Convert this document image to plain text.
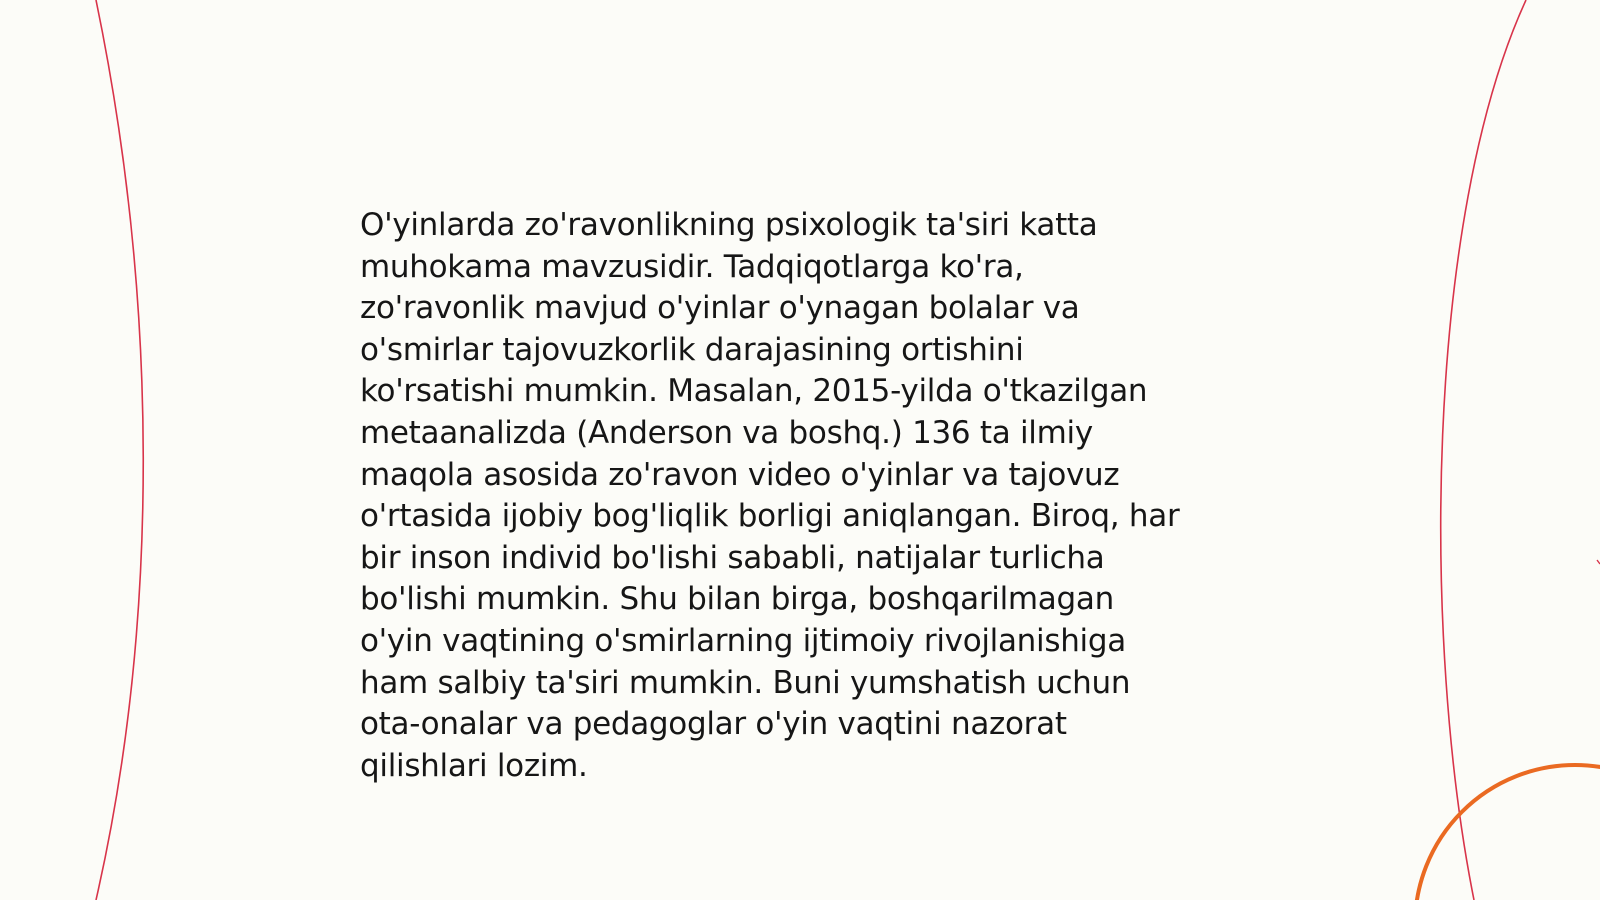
O'yinlarda zo'ravonlikning psixologik ta'siri katta
muhokama mavzusidir. Tadqiqotlarga ko'ra,
zo'ravonlik mavjud o'yinlar o'ynagan bolalar va
o'smirlar tajovuzkorlik darajasining ortishini
ko'rsatishi mumkin. Masalan, 2015-yilda o'tkazilgan
metaanalizda (Anderson va boshq.) 136 ta ilmiy
maqola asosida zo'ravon video o'yinlar va tajovuz
o'rtasida ijobiy bog'liqlik borligi aniqlangan. Biroq, har
bir inson individ bo'lishi sababli, natijalar turlicha
bo'lishi mumkin. Shu bilan birga, boshqarilmagan
o'yin vaqtining o'smirlarning ijtimoiy rivojlanishiga
ham salbiy ta'siri mumkin. Buni yumshatish uchun
ota-onalar va pedagoglar o'yin vaqtini nazorat
qilishlari lozim.
